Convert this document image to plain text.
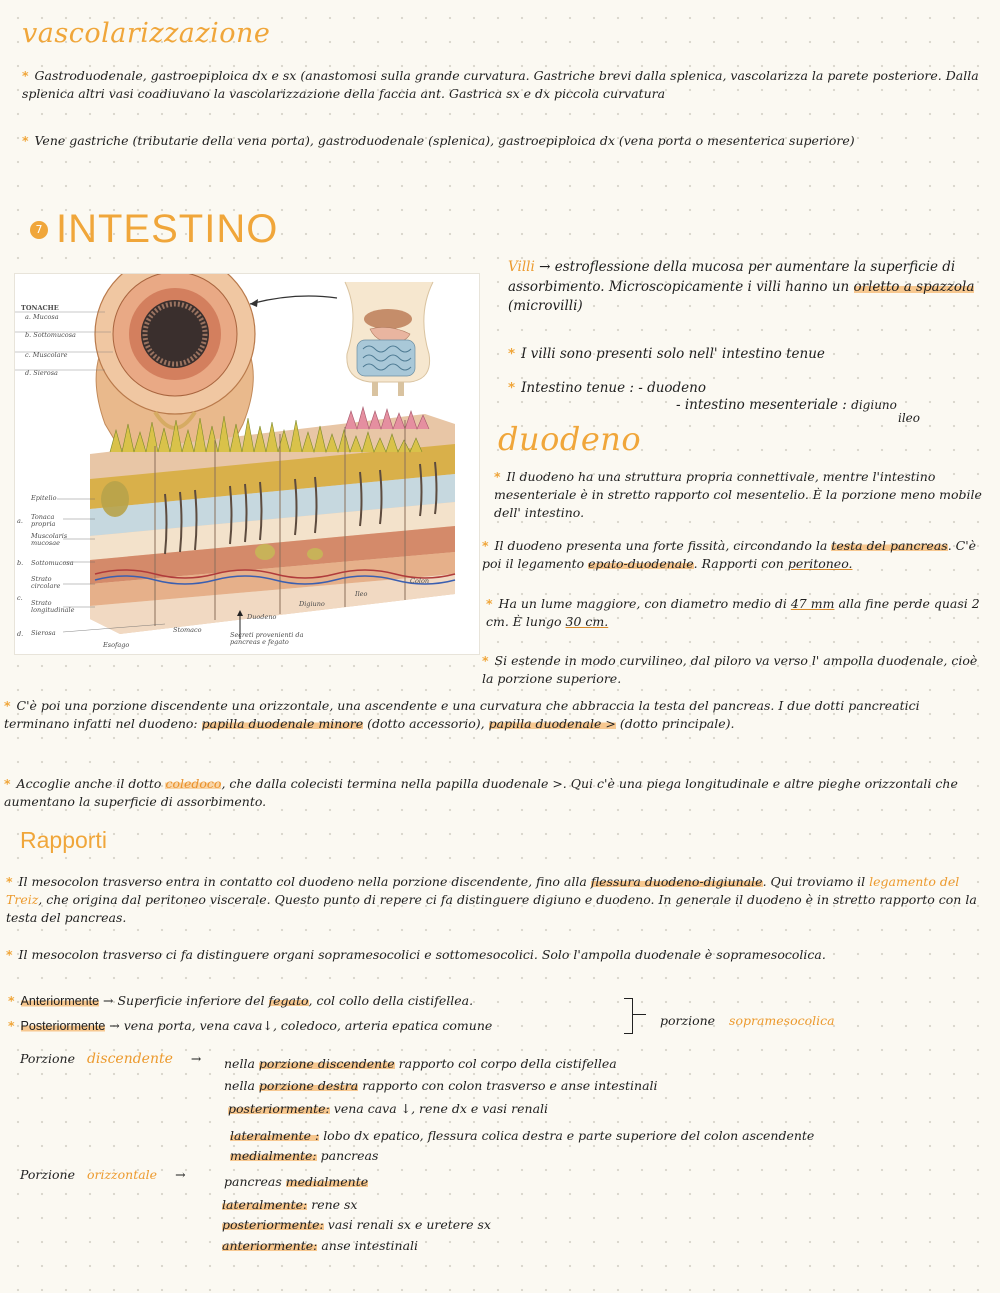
vascolarizzazione
* Gastroduodenale, gastroepiploica dx e sx (anastomosi sulla grande curvatura. Gastriche brevi dalla splenica, vascolarizza la parete posteriore. Dalla splenica altri vasi coadiuvano la vascolarizzazione della faccia ant. Gastrica sx e dx piccola curvatura
* Vene gastriche (tributarie della vena porta), gastroduodenale (splenica), gastroepiploica dx (vena porta o mesenterica superiore)
7 INTESTINO
TONACHE
a. Mucosa
b. Sottomucosa
c. Muscolare
d. Sierosa
a.
b.
c.
d.
Epitelio
Tonaca propria
Muscolaris mucosae
Sottomucosa
Strato circolare
Strato longitudinale
Sierosa
Esofago
Stomaco
Duodeno
Digiuno
Ileo
Colon
Secreti provenienti da pancreas e fegato
Villi → estroflessione della mucosa per aumentare la superficie di assorbimento. Microscopicamente i villi hanno un orletto a spazzola (microvilli)
* I villi sono presenti solo nell' intestino tenue
* Intestino tenue : - duodeno
- intestino mesenteriale : digiuno
ileo
duodeno
* Il duodeno ha una struttura propria connettivale, mentre l'intestino mesenteriale è in stretto rapporto col mesentelio. È la porzione meno mobile dell' intestino.
* Il duodeno presenta una forte fissità, circondando la testa del pancreas. C'è poi il legamento epato-duodenale. Rapporti con peritoneo.
* Ha un lume maggiore, con diametro medio di 47 mm alla fine perde quasi 2 cm. È lungo 30 cm.
* Si estende in modo curvilineo, dal piloro va verso l' ampolla duodenale, cioè la porzione superiore.
* C'è poi una porzione discendente una orizzontale, una ascendente e una curvatura che abbraccia la testa del pancreas. I due dotti pancreatici terminano infatti nel duodeno: papilla duodenale minore (dotto accessorio), papilla duodenale > (dotto principale).
* Accoglie anche il dotto coledoco, che dalla colecisti termina nella papilla duodenale >. Qui c'è una piega longitudinale e altre pieghe orizzontali che aumentano la superficie di assorbimento.
Rapporti
* Il mesocolon trasverso entra in contatto col duodeno nella porzione discendente, fino alla flessura duodeno-digiunale. Qui troviamo il legamento del Treiz, che origina dal peritoneo viscerale. Questo punto di repere ci fa distinguere digiuno e duodeno. In generale il duodeno è in stretto rapporto con la testa del pancreas.
* Il mesocolon trasverso ci fa distinguere organi sopramesocolici e sottomesocolici. Solo l'ampolla duodenale è sopramesocolica.
* Anteriormente → Superficie inferiore del fegato, col collo della cistifellea.
* Posteriormente → vena porta, vena cava↓, coledoco, arteria epatica comune	porzione sopramesocolica
Porzione discendente → nella porzione discendente rapporto col corpo della cistifellea
nella porzione destra rapporto con colon trasverso e anse intestinali
posteriormente: vena cava ↓, rene dx e vasi renali
lateralmente : lobo dx epatico, flessura colica destra e parte superiore del colon ascendente
medialmente: pancreas
Porzione orizzontale →	pancreas medialmente
lateralmente: rene sx
posteriormente: vasi renali sx e uretere sx
anteriormente: anse intestinali
